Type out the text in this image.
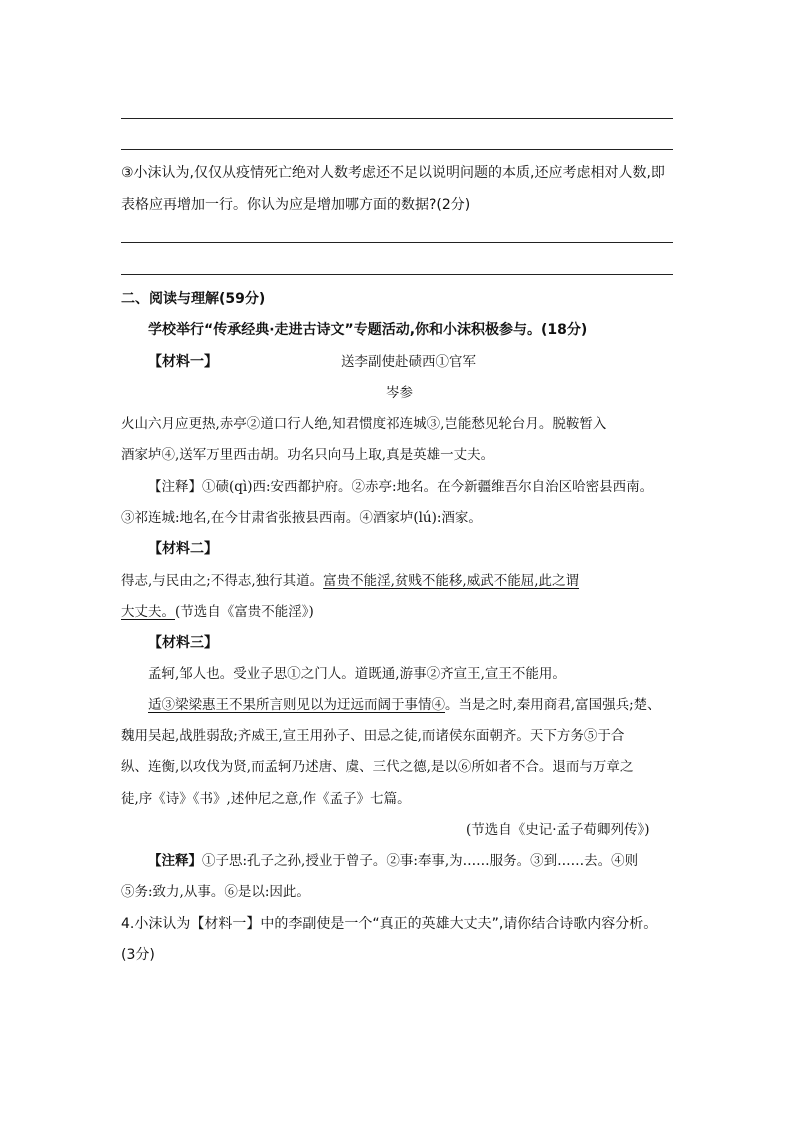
③小沫认为,仅仅从疫情死亡绝对人数考虑还不足以说明问题的本质,还应考虑相对人数,即
表格应再增加一行。你认为应是增加哪方面的数据?(2分)
二、阅读与理解(59分)
学校举行“传承经典·走进古诗文”专题活动,你和小沫积极参与。(18分)
【材料一】	送李副使赴碛西①官军
岑参
火山六月应更热,赤亭②道口行人绝,知君惯度祁连城③,岂能愁见轮台月。脱鞍暂入
酒家垆④,送军万里西击胡。功名只向马上取,真是英雄一丈夫。
【注释】①碛(qì)西:安西都护府。②赤亭:地名。在今新疆维吾尔自治区哈密县西南。
③祁连城:地名,在今甘肃省张掖县西南。④酒家垆(lú):酒家。
【材料二】
得志,与民由之;不得志,独行其道。富贵不能淫,贫贱不能移,威武不能屈,此之谓
大丈夫。(节选自《富贵不能淫》)
【材料三】
孟轲,邹人也。受业子思①之门人。道既通,游事②齐宣王,宣王不能用。
适③梁梁惠王不果所言则见以为迂远而阔于事情④。当是之时,秦用商君,富国强兵;楚、
魏用吴起,战胜弱敌;齐威王,宣王用孙子、田忌之徒,而诸侯东面朝齐。天下方务⑤于合
纵、连衡,以攻伐为贤,而孟轲乃述唐、虞、三代之德,是以⑥所如者不合。退而与万章之
徒,序《诗》《书》,述仲尼之意,作《孟子》七篇。
(节选自《史记·孟子荀卿列传》)
【注释】①子思:孔子之孙,授业于曾子。②事:奉事,为……服务。③到……去。④则
⑤务:致力,从事。⑥是以:因此。
4.小沫认为【材料一】中的李副使是一个“真正的英雄大丈夫”,请你结合诗歌内容分析。
(3分)
